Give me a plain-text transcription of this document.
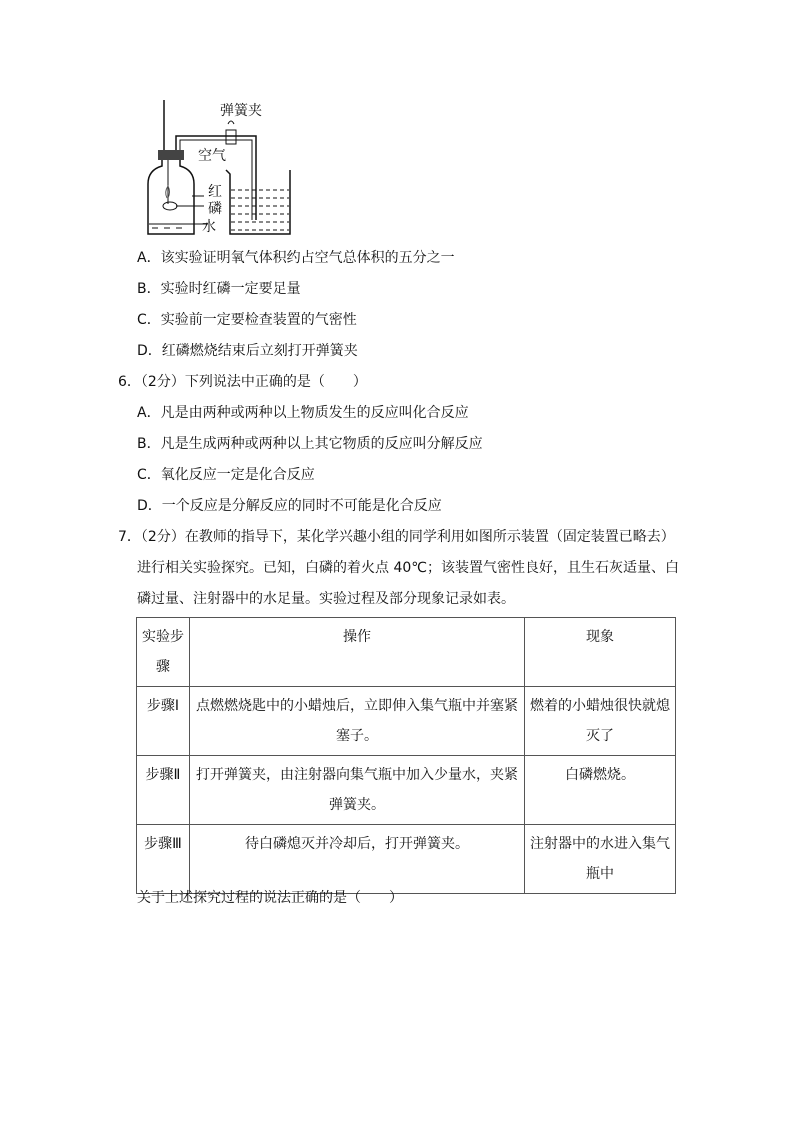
弹簧夹
空气
红
磷
水
A．该实验证明氧气体积约占空气总体积的五分之一
B．实验时红磷一定要足量
C．实验前一定要检查装置的气密性
D．红磷燃烧结束后立刻打开弹簧夹
6．（2分）下列说法中正确的是（　　）
A．凡是由两种或两种以上物质发生的反应叫化合反应
B．凡是生成两种或两种以上其它物质的反应叫分解反应
C．氧化反应一定是化合反应
D．一个反应是分解反应的同时不可能是化合反应
7．（2分）在教师的指导下，某化学兴趣小组的同学利用如图所示装置（固定装置已略去）
进行相关实验探究。已知，白磷的着火点 40℃；该装置气密性良好，且生石灰适量、白
磷过量、注射器中的水足量。实验过程及部分现象记录如表。
实验步骤	操作	现象
步骤Ⅰ	点燃燃烧匙中的小蜡烛后，立即伸入集气瓶中并塞紧塞子。	燃着的小蜡烛很快就熄灭了
步骤Ⅱ	打开弹簧夹，由注射器向集气瓶中加入少量水，夹紧弹簧夹。	白磷燃烧。
步骤Ⅲ	待白磷熄灭并冷却后，打开弹簧夹。	注射器中的水进入集气瓶中
关于上述探究过程的说法正确的是（　　）
